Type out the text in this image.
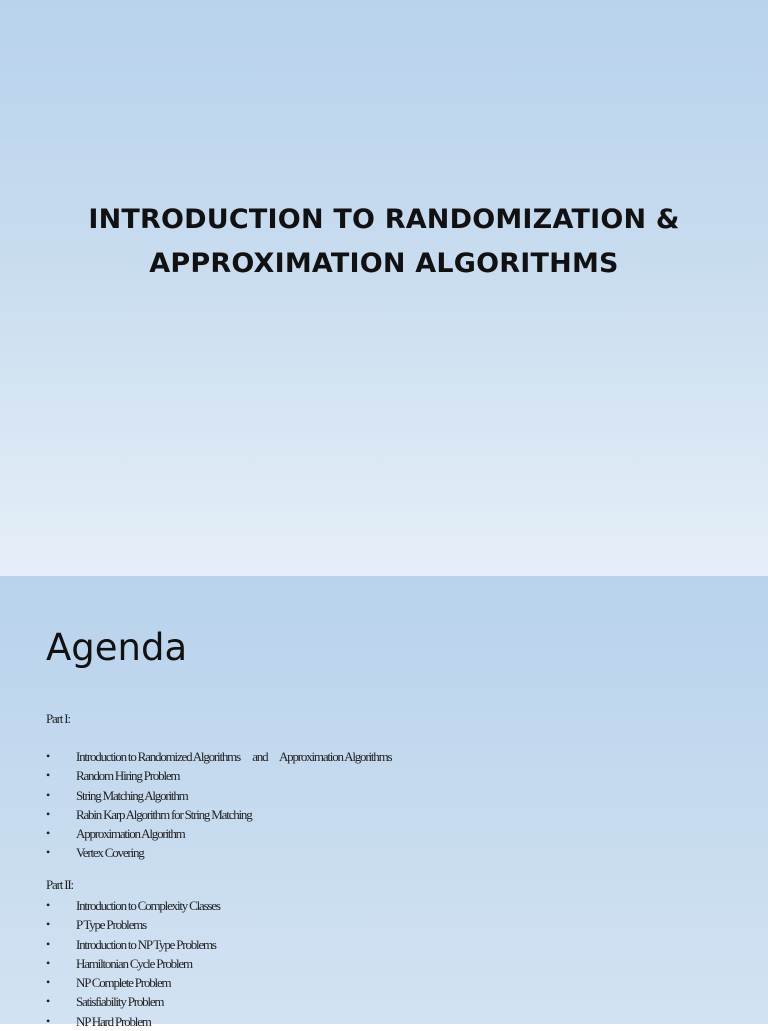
INTRODUCTION TO RANDOMIZATION &
APPROXIMATION ALGORITHMS
Agenda
Part I:
• Introduction to Randomized Algorithms      and      Approximation Algorithms
• Random Hiring Problem
• String Matching Algorithm
• Rabin Karp Algorithm for String Matching
• Approximation Algorithm
• Vertex Covering
Part II:
• Introduction to Complexity Classes
• P Type Problems
• Introduction to NP Type Problems
• Hamiltonian Cycle Problem
• NP Complete Problem
• Satisfiability Problem
• NP Hard Problem
